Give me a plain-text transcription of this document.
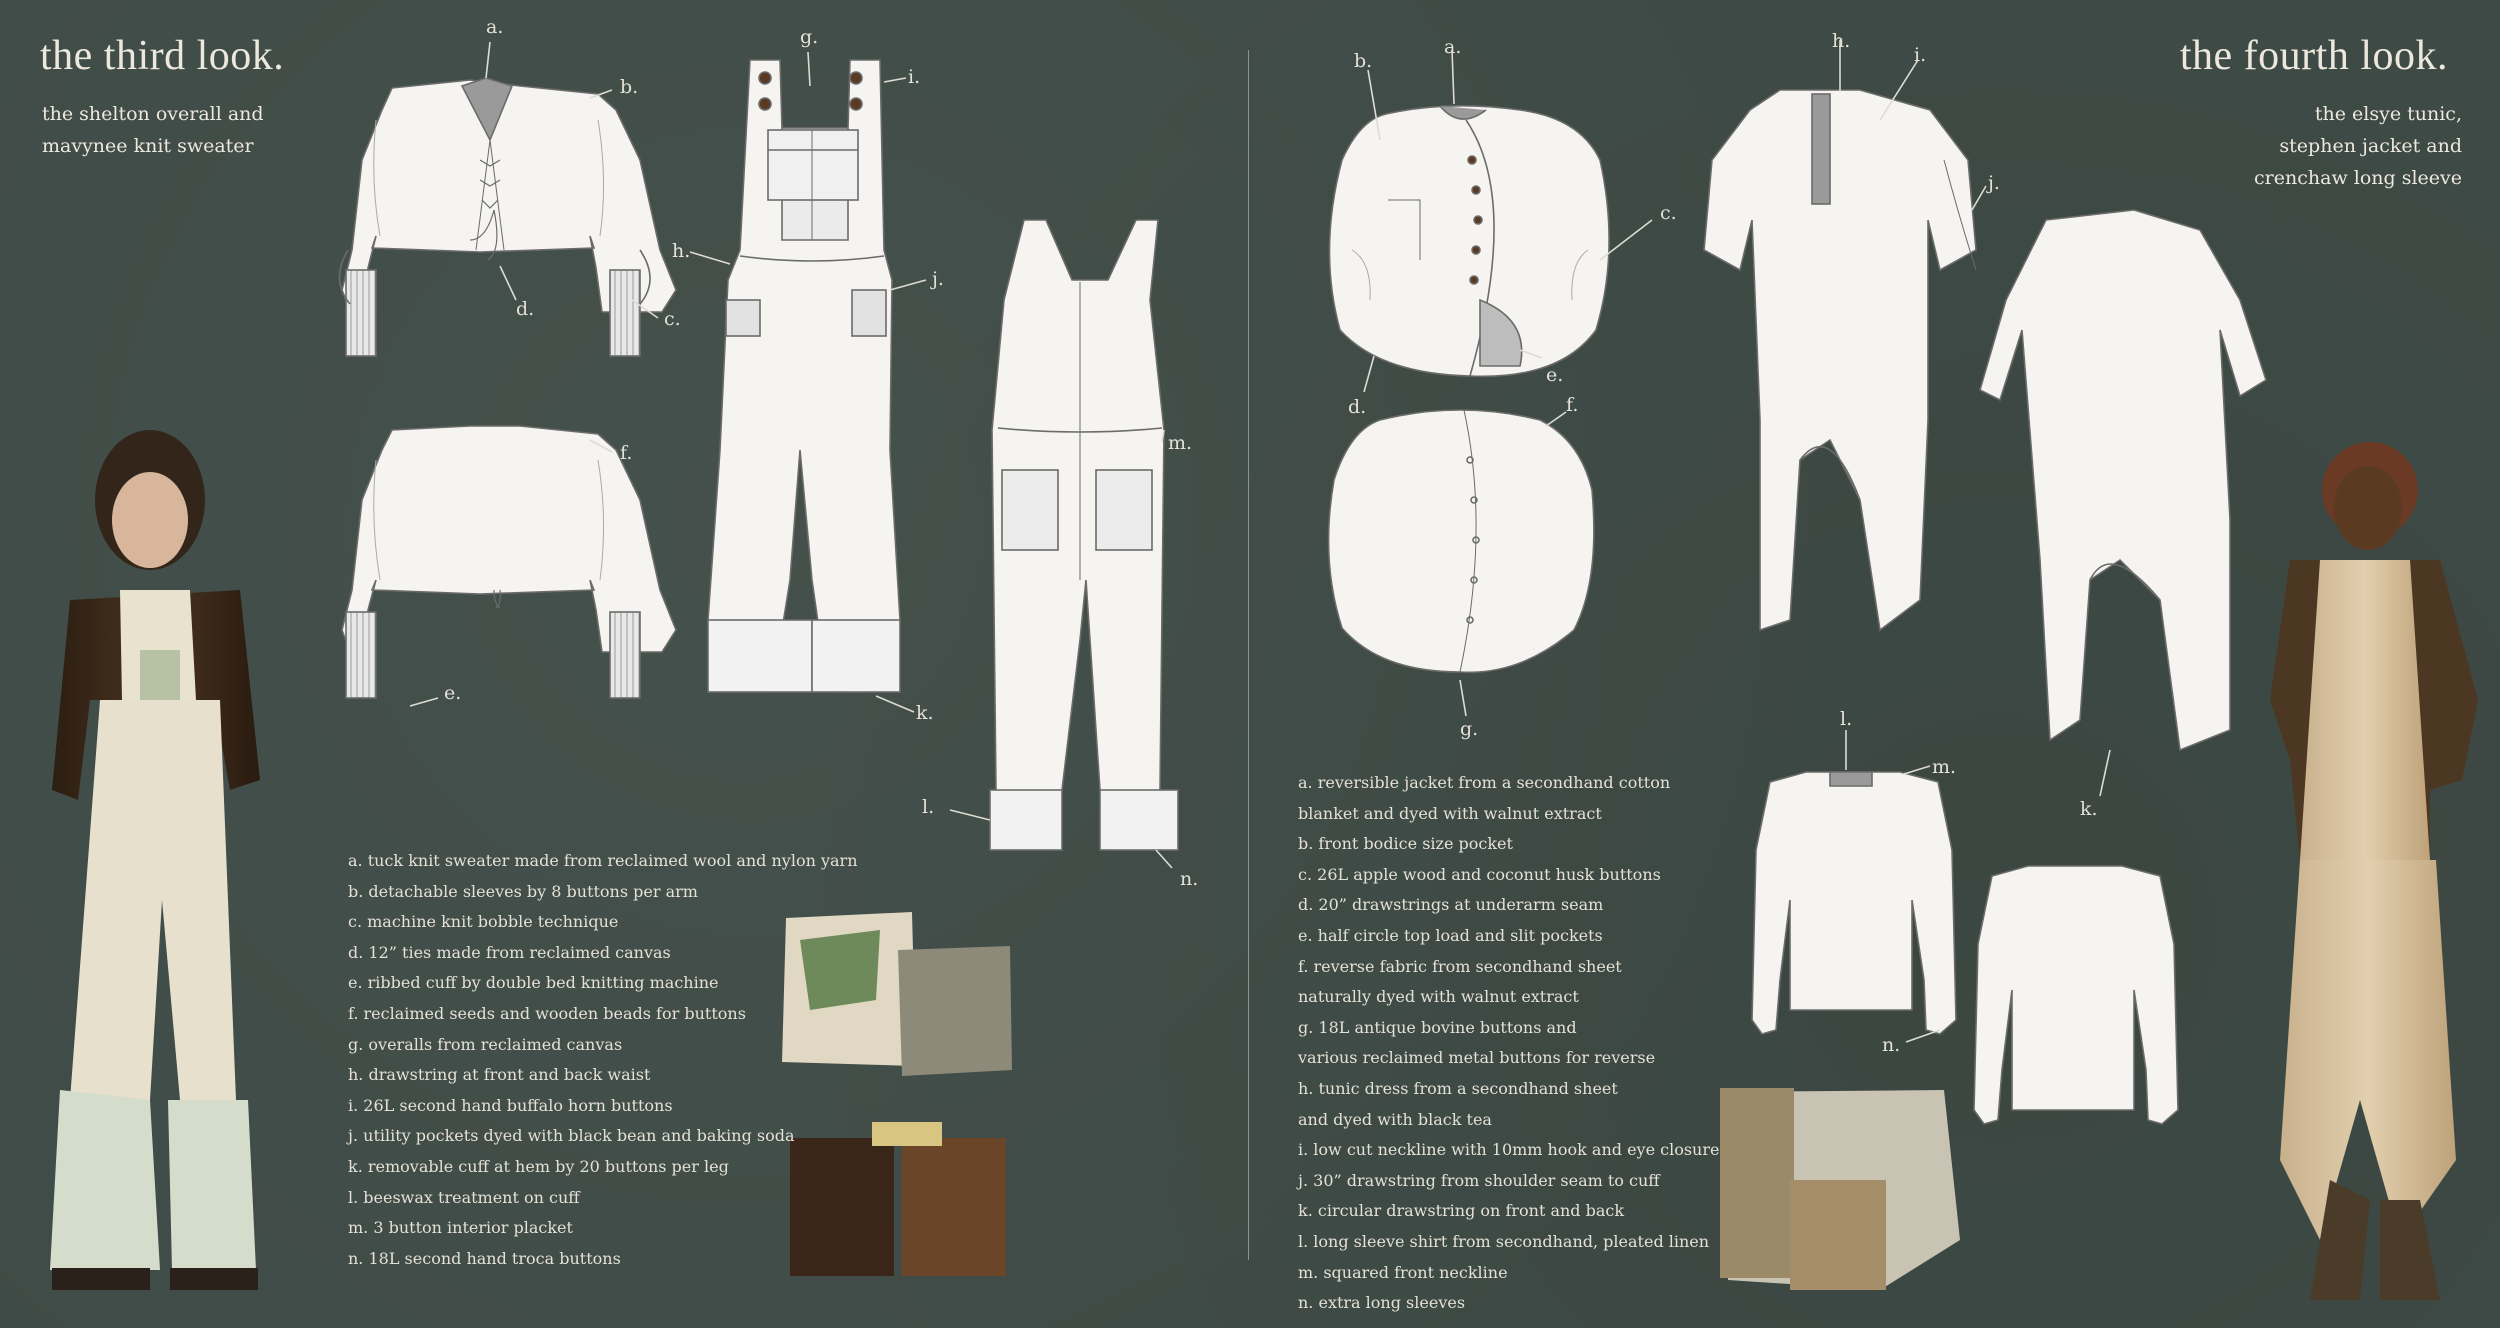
the third look.
the shelton overall and
mavynee knit sweater
the fourth look.
the elsye tunic,
stephen jacket and
crenchaw long sleeve
a.
b.
c.
d.
e.
f.
g.
h.
i.
j.
k.
l.
m.
n.
a.
b.
c.
d.
e.
f.
g.
h.
i.
j.
k.
l.
m.
n.
a. tuck knit sweater made from reclaimed wool and nylon yarn
b. detachable sleeves by 8 buttons per arm
c. machine knit bobble technique
d. 12” ties made from reclaimed canvas
e. ribbed cuff by double bed knitting machine
f. reclaimed seeds and wooden beads for buttons
g. overalls from reclaimed canvas
h. drawstring at front and back waist
i. 26L second hand buffalo horn buttons
j. utility pockets dyed with black bean and baking soda
k. removable cuff at hem by 20 buttons per leg
l. beeswax treatment on cuff
m. 3 button interior placket
n. 18L second hand troca buttons
a. reversible jacket from a secondhand cotton
blanket and dyed with walnut extract
b. front bodice size pocket
c. 26L apple wood and coconut husk buttons
d. 20” drawstrings at underarm seam
e. half circle top load and slit pockets
f. reverse fabric from secondhand sheet
naturally dyed with walnut extract
g. 18L antique bovine buttons and
various reclaimed metal buttons for reverse
h. tunic dress from a secondhand sheet
and dyed with black tea
i. low cut neckline with 10mm hook and eye closure
j. 30” drawstring from shoulder seam to cuff
k. circular drawstring on front and back
l. long sleeve shirt from secondhand, pleated linen
m. squared front neckline
n. extra long sleeves
